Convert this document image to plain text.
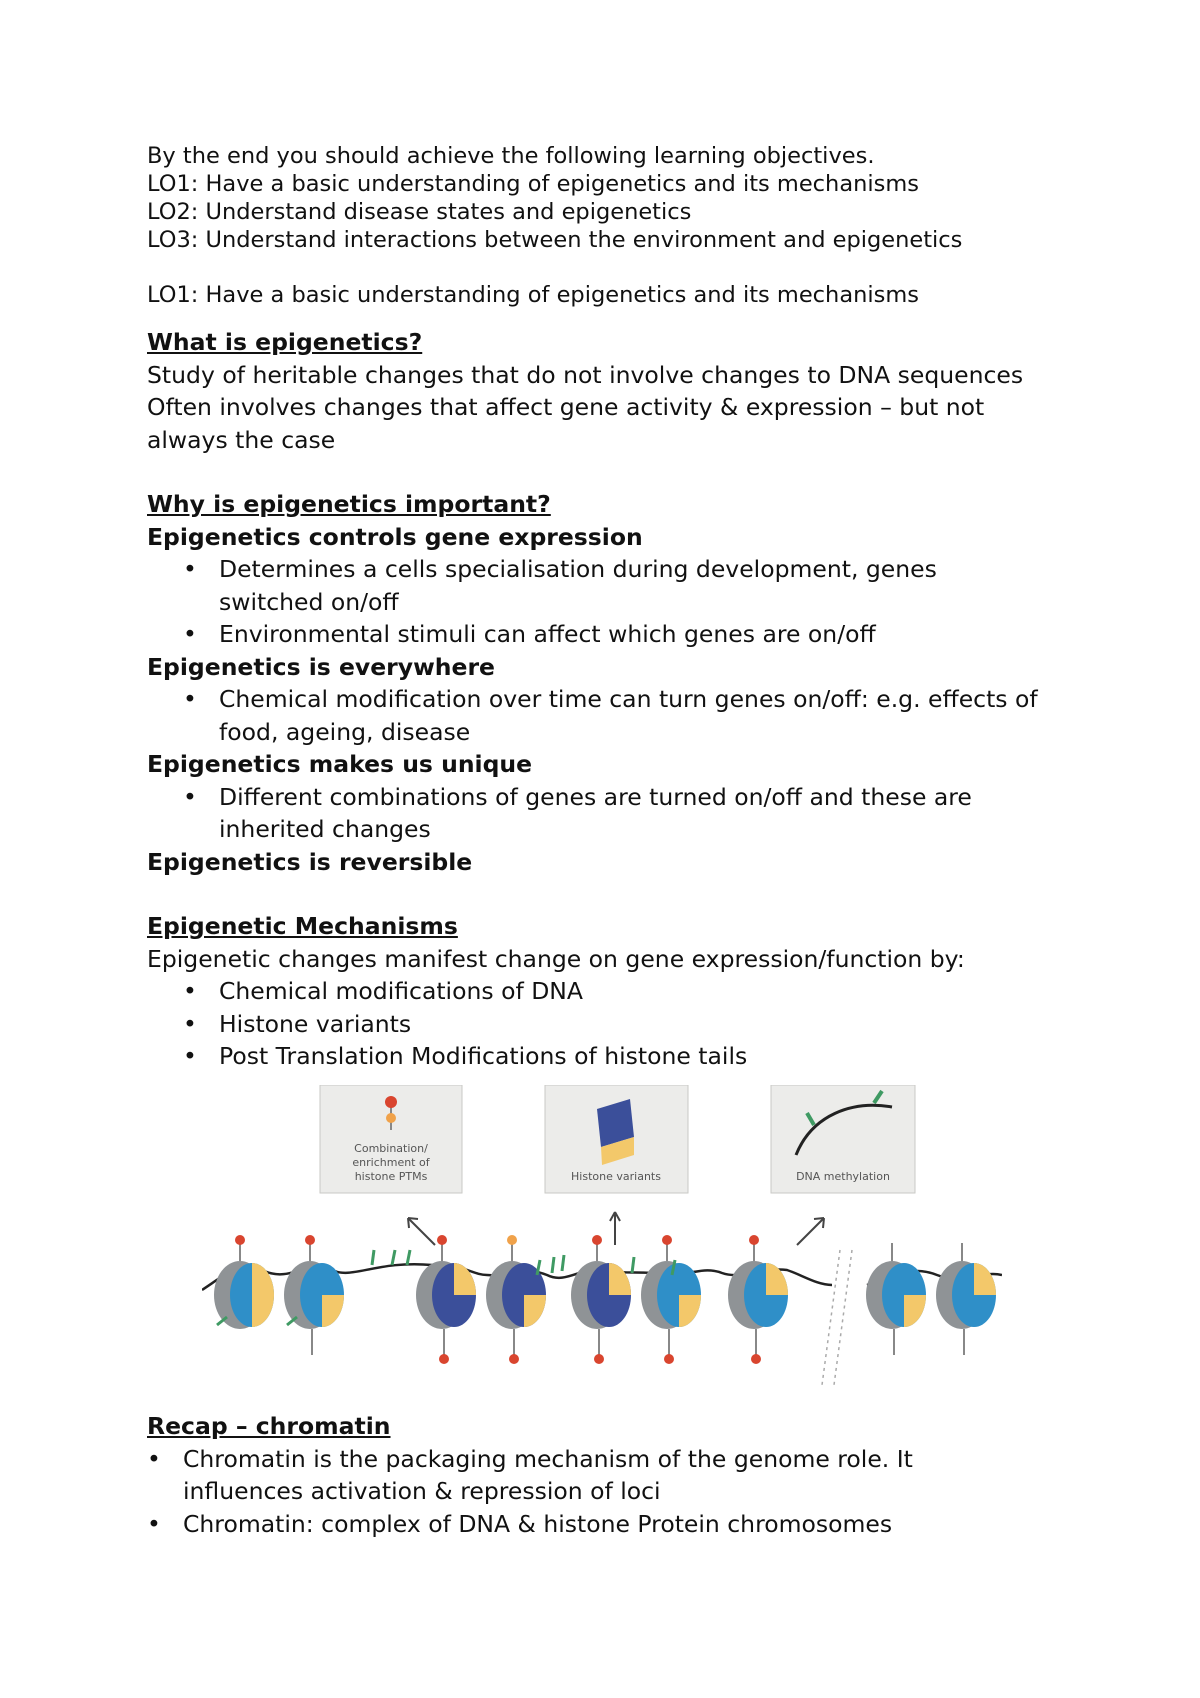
By the end you should achieve the following learning objectives.

LO1: Have a basic understanding of epigenetics and its mechanisms

LO2: Understand disease states and epigenetics

LO3: Understand interactions between the environment and epigenetics

LO1: Have a basic understanding of epigenetics and its mechanisms

What is epigenetics?

Study of heritable changes that do not involve changes to DNA sequences

Often involves changes that affect gene activity & expression – but not always the case

Why is epigenetics important?

Epigenetics controls gene expression

• Determines a cells specialisation during development, genes switched on/off
• Environmental stimuli can affect which genes are on/off

Epigenetics is everywhere

• Chemical modification over time can turn genes on/off: e.g. effects of food, ageing, disease

Epigenetics makes us unique

• Different combinations of genes are turned on/off and these are inherited changes

Epigenetics is reversible

Epigenetic Mechanisms

Epigenetic changes manifest change on gene expression/function by:

• Chemical modifications of DNA
• Histone variants
• Post Translation Modifications of histone tails
Combination/
enrichment of
histone PTMs	Histone variants	DNA methylation

Recap – chromatin

• Chromatin is the packaging mechanism of the genome role. It influences activation & repression of loci
• Chromatin: complex of DNA & histone Protein chromosomes
